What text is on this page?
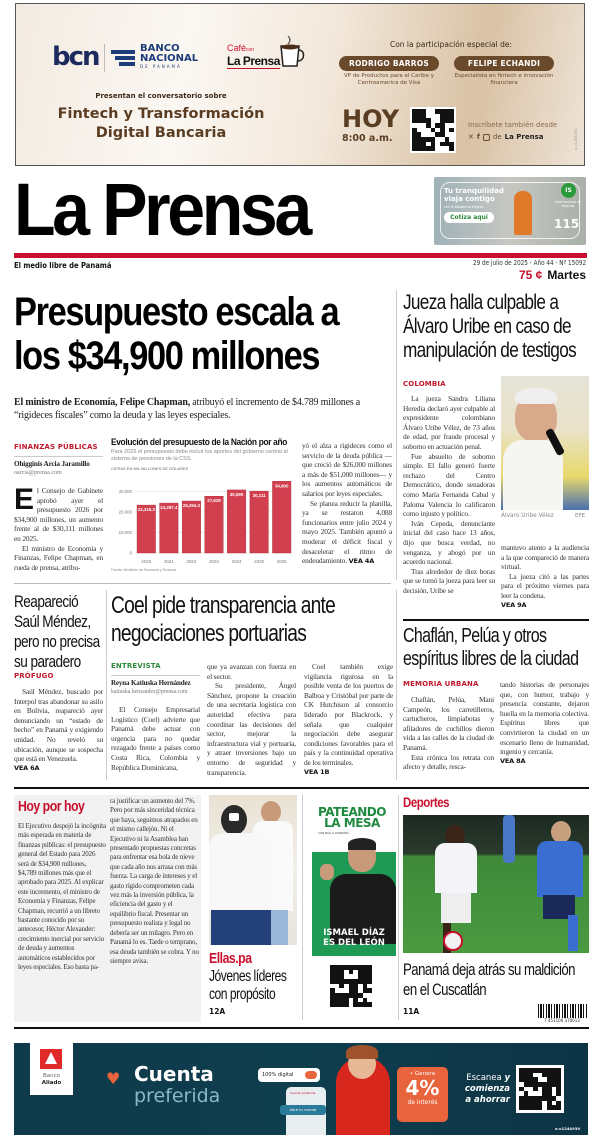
bcn	BANCO
NACIONAL
DE PANAMÁ
Cafécon
La Prensa
Presentan el conversatorio sobre
Fintech y Transformación
Digital Bancaria
Con la participación especial de:
RODRIGO BARROS	FELIPE ECHANDI
VP de Productos para el Caribe y Centroamerica de Visa
Especialista en fintech e innovación financiera
HOY
8:00 a.m.
Inscríbete también desde
✕ f de La Prensa	a.v1293190
La Prensa	Tu tranquilidad
viaja contigo
con IS Asistencia Viajero.
Cotiza aquí
IS
Internacional de Seguros
115
El medio libre de Panamá	29 de julio de 2025 - Año 44 - Nº 15092
75 ¢ Martes
Presupuesto escala a
los $34,900 millones
El ministro de Economía, Felipe Chapman, atribuyó el incremento de $4.789 millones a “rigideces fiscales” como la deuda y las leyes especiales.
FINANZAS PÚBLICAS
Ohigginis Arcia Jaramillo
oarcia@prensa.com
E l Consejo de Gabinete aprobó ayer el presupuesto 2026 por $34,900 millones, un aumento frente al de $30,111 millones en 2025.
El ministro de Economía y Finanzas, Felipe Chapman, en rueda de prensa, atribu-
Evolución del presupuesto de la Nación por año
Para 2026 el presupuesto debe incluir los aportes del gobierno central al sistema de pensiones de la CSS.
CIFRAS EN MIL MILLONES DE DÓLARES
0
10,000
20,000
30,000
23,316.3
2020
24,287.4
2021
25,294.3
2022
27,629
2023
30,690
2024
30,111
2025
34,900
2026
Fuente: Ministerio de Economía y Finanzas
yó el alza a rigideces como el servicio de la deuda pública —que creció de $26,000 millones a más de $51,000 millones— y los aumentos automáticos de salarios por leyes especiales.
Se planea reducir la planilla, ya se restaron 4,088 funcionarios entre julio 2024 y mayo 2025. También apuntó a moderar el déficit fiscal y desacelerar el ritmo de endeudamiento. VEA 4A
Jueza halla culpable a
Álvaro Uribe en caso de
manipulación de testigos
COLOMBIA
La jueza Sandra Liliana Heredia declaró ayer culpable al expresidente colombiano Álvaro Uribe Vélez, de 73 años de edad, por fraude procesal y soborno en actuación penal.
Fue absuelto de soborno simple. El fallo generó fuerte rechazo del Centro Democrático, donde senadoras como María Fernanda Cabal y Paloma Valencia lo calificaron como injusto y político.
Iván Cepeda, denunciante inicial del caso hace 13 años, dijo que busca verdad, no venganza, y abogó por un acuerdo nacional.
Tras alrededor de diez horas que se tomó la jueza para leer su decisión, Uribe se
Álvaro Uribe Vélez	EFE
mantuvo atento a la audiencia a la que compareció de manera virtual.
La jueza citó a las partes para el próximo viernes para leer la condena.
VEA 9A
Reapareció Saúl Méndez, pero no precisa su paradero
PRÓFUGO
Saúl Méndez, buscado por Interpol tras abandonar su asilo en Bolivia, reapareció ayer denunciando un “estado de hecho” en Panamá y exigiendo unidad. No reveló su ubicación, aunque se sospecha que está en Venezuela.
VEA 6A
Coel pide transparencia ante
negociaciones portuarias
ENTREVISTA
Reyna Katiuska Hernández
katiuska.hernandez@prensa.com
El Consejo Empresarial Logístico (Coel) advierte que Panamá debe actuar con urgencia para no quedar rezagado frente a países como Costa Rica, Colombia y República Dominicana,
que ya avanzan con fuerza en el sector.
Su presidente, Ángel Sánchez, propone la creación de una secretaría logística con autoridad efectiva para coordinar las decisiones del sector, mejorar la infraestructura vial y portuaria, y atraer inversiones bajo un entorno de seguridad y transparencia.
Coel también exige vigilancia rigurosa en la posible venta de los puertos de Balboa y Cristóbal por parte de CK Hutchison al consorcio liderado por Blackrock, y señala que cualquier negociación debe asegurar condiciones favorables para el país y la continuidad operativa de los terminales.
VEA 1B
Chaflán, Pelúa y otros
espíritus libres de la ciudad
MEMORIA URBANA
Chaflán, Pelúa, Mani Campeón, los carretilleros, cartucheros, limpiabotas y afiladores de cuchillos dieron vida a las calles de la ciudad de Panamá.
Esta crónica los retrata con afecto y detalle, resca-
tando historias de personajes que, con humor, trabajo y presencia constante, dejaron huella en la memoria colectiva. Espíritus libres que convirtieron la ciudad en un escenario lleno de humanidad, ingenio y cercanía.
VEA 8A
Hoy por hoy
El Ejecutivo despejó la incógnita más esperada en materia de finanzas públicas: el presupuesto general del Estado para 2026 será de $34,900 millones, $4,789 millones más que el aprobado para 2025. Al explicar este incremento, el ministro de Economía y Finanzas, Felipe Chapman, recurrió a un libreto bastante conocido por su antecesor, Héctor Alexander: crecimiento inercial por servicio de deuda y aumentos automáticos establecidos por leyes especiales. Eso basta pa-
ra justificar un aumento del 7%. Pero por más sinceridad técnica que haya, seguimos atrapados en el mismo callejón. Ni el Ejecutivo ni la Asamblea han presentado propuestas concretas para enfrentar esa bola de nieve que cada año nos arrasa con más fuerza. La carga de intereses y el gasto rígido comprometen cada vez más la inversión pública, la eficiencia del gasto y el equilibrio fiscal. Presentar un presupuesto realista y legal no debería ser un milagro. Pero en Panamá lo es. Tarde o temprano, esa deuda también se cobra. Y no siempre avisa.	Ellas.pa
Jóvenes líderes con propósito
12A
PATEANDO
LA MESA
CON BALI & PANDORA
ISMAEL DÍAZ
ES DEL LEÓN
Deportes
Panamá deja atrás su maldición en el Cuscatlán
11A
7 451100 370013
Banco
Aliado	♥ Cuenta
preferida
100% digital
Cuenta preferida
Abre tu cuenta
• Genera
4%
de interés
Escanea y
comienza
a ahorrar
a.v1244939
